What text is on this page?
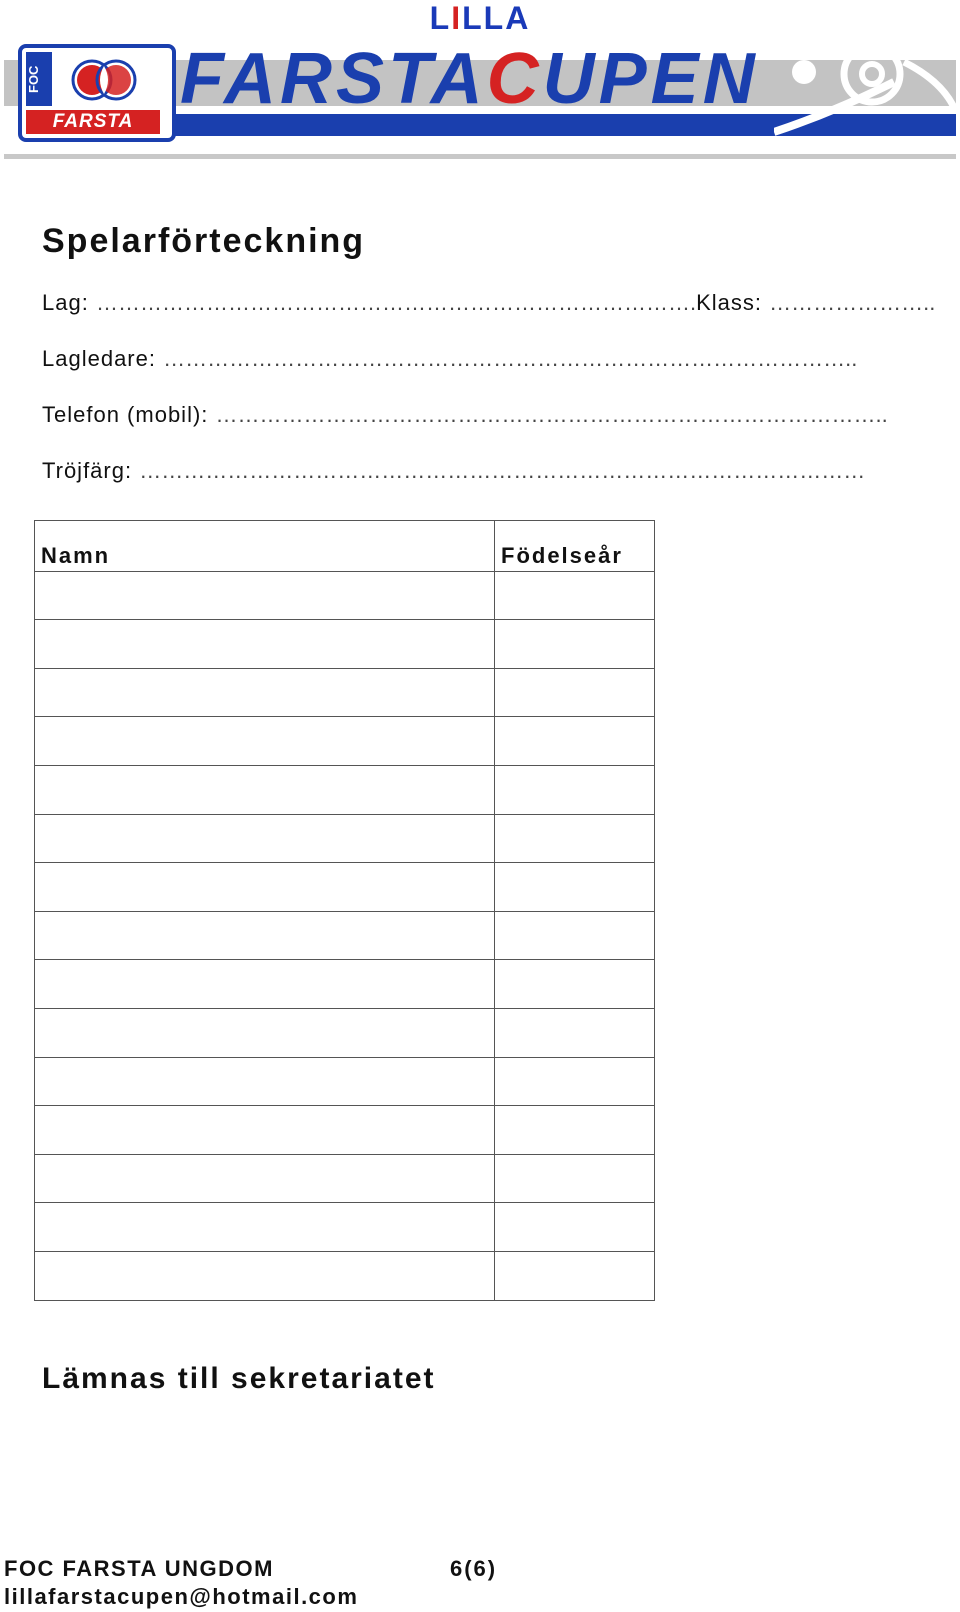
LILLA
FARSTACUPEN
FOC
FARSTA
Spelarförteckning
Lag: ……………………………………………………………………….Klass: …………………..
Lagledare: …………………………………………………………………………………..
Telefon (mobil): ………………………………………………………………………………..
Tröjfärg: ………………………………………………………………………………………
Namn	Födelseår

Lämnas till sekretariatet
FOC FARSTA UNGDOM	6(6)
lillafarstacupen@hotmail.com
